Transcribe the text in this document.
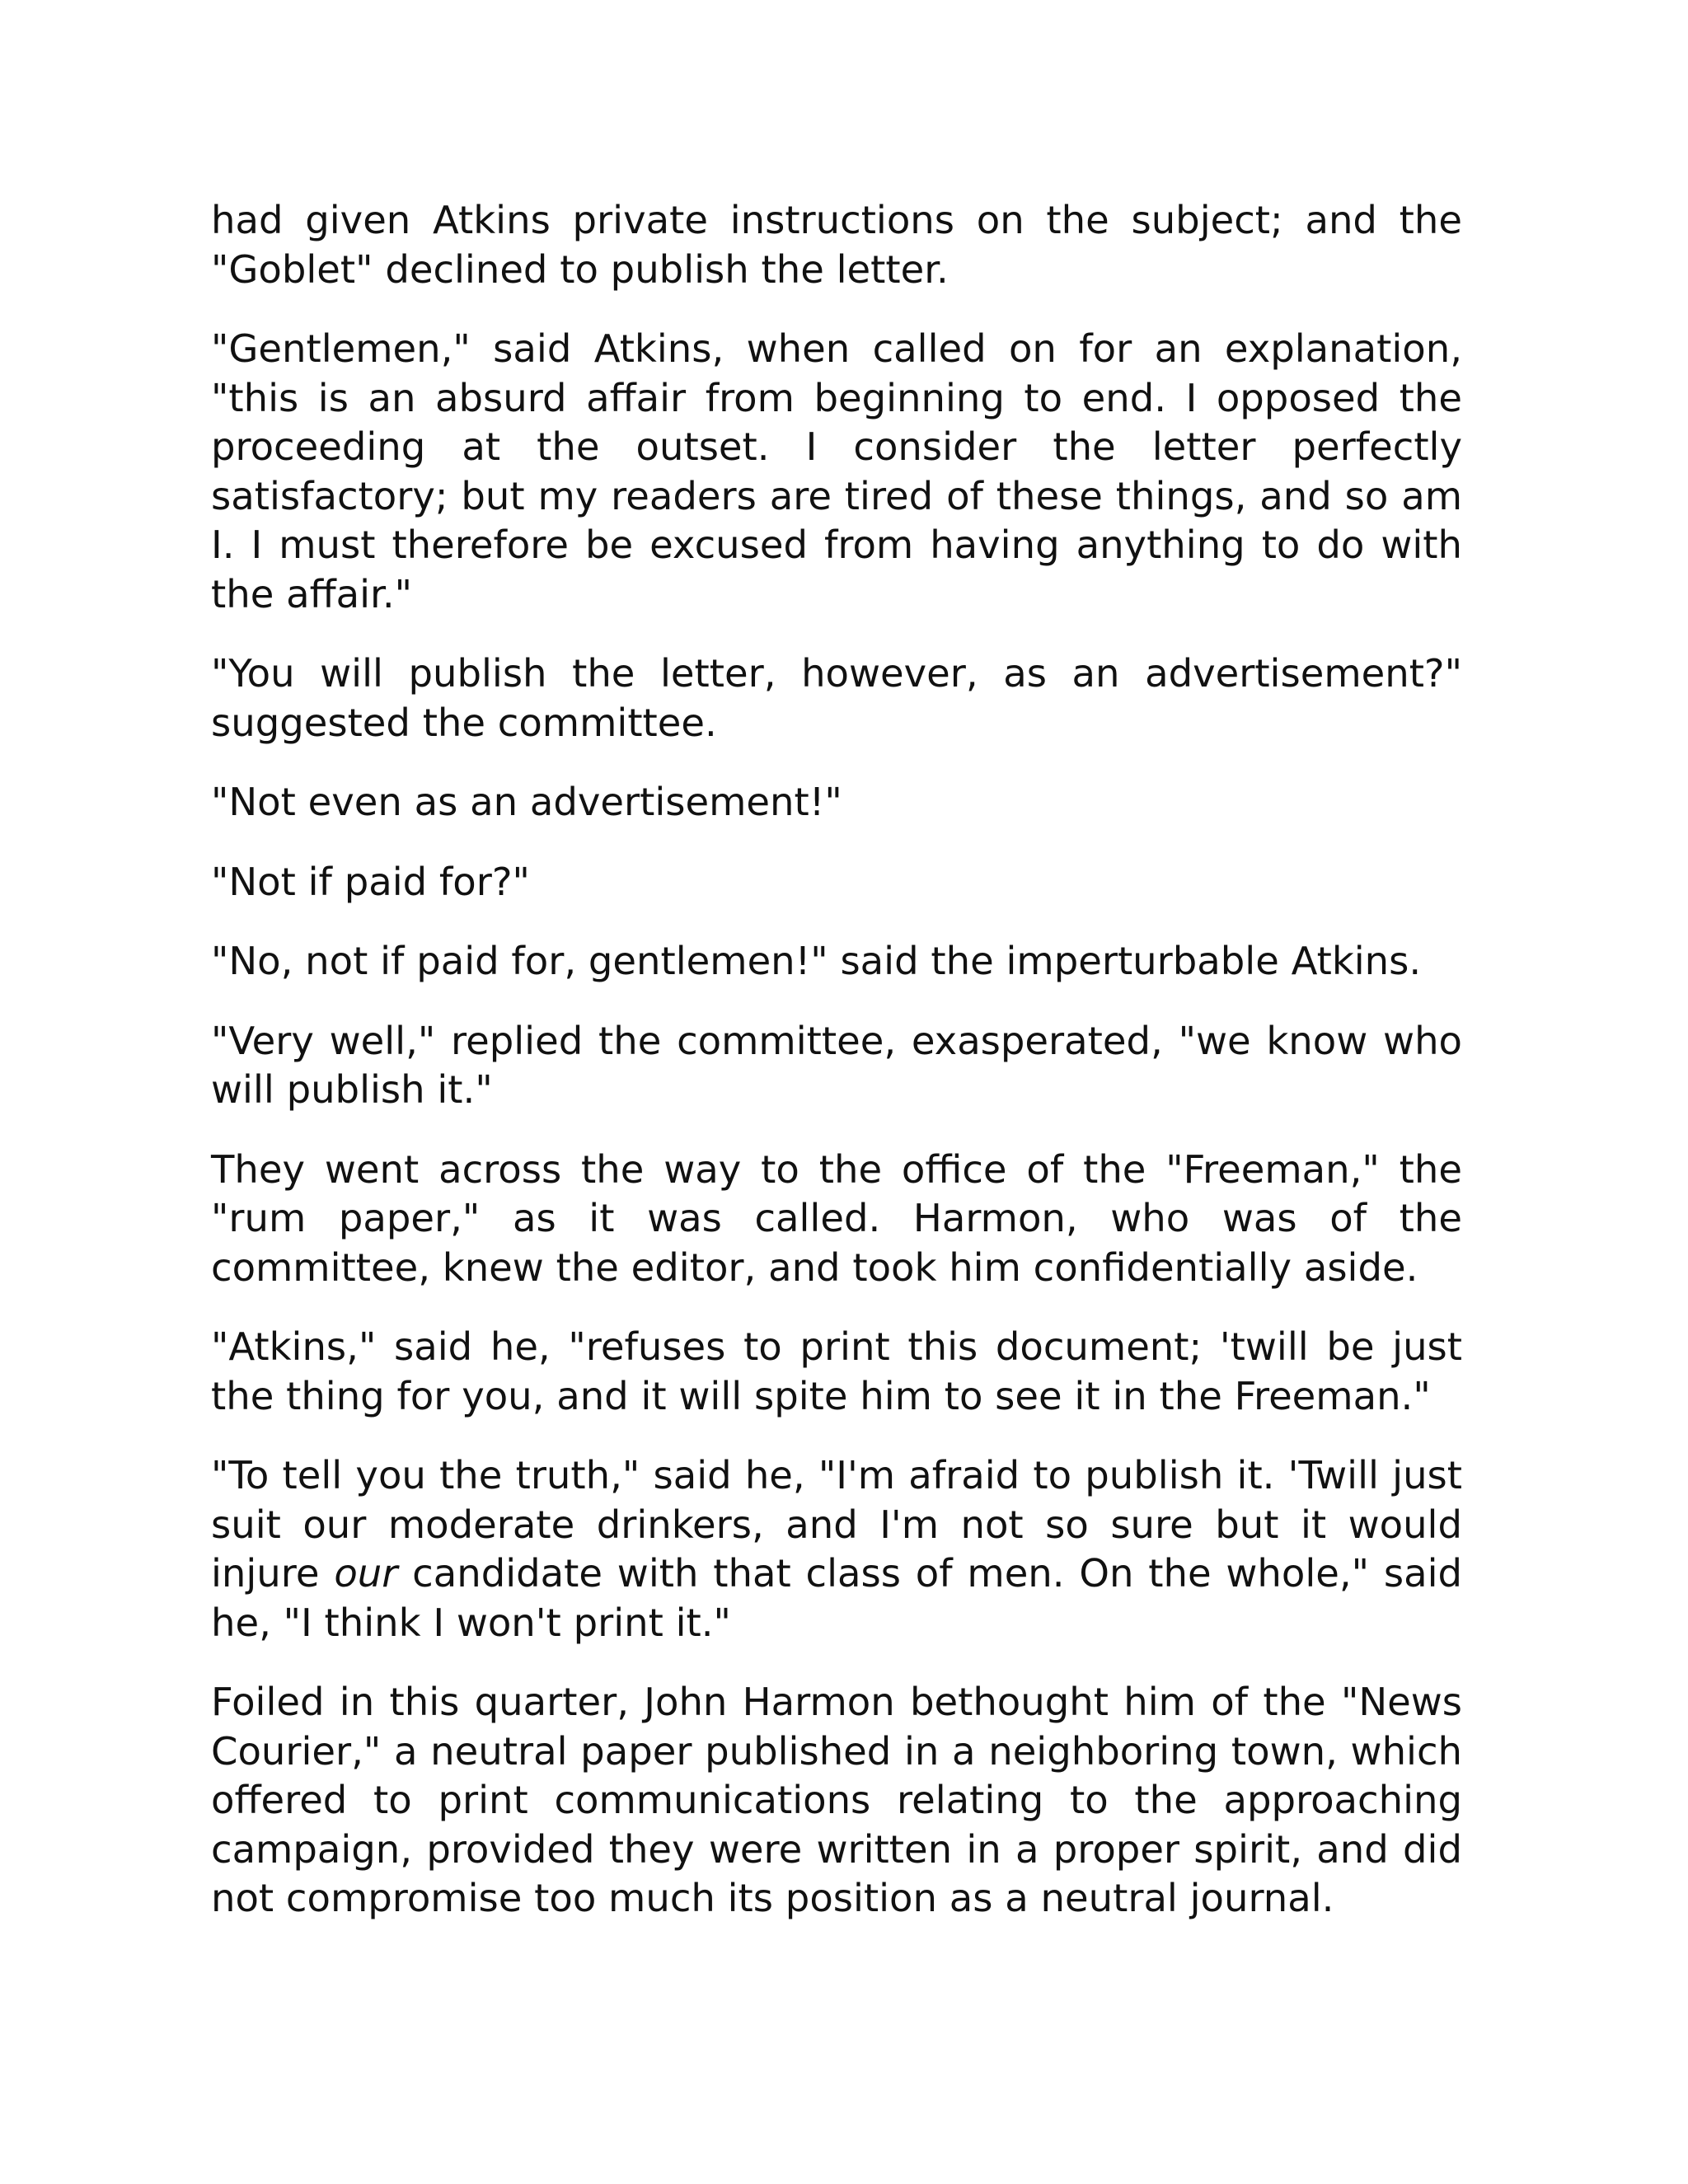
had given Atkins private instructions on the subject; and the "Goblet" declined to publish the letter.

"Gentlemen," said Atkins, when called on for an explanation, "this is an absurd affair from beginning to end. I opposed the proceeding at the outset. I consider the letter perfectly satisfactory; but my readers are tired of these things, and so am I. I must therefore be excused from having anything to do with the affair."

"You will publish the letter, however, as an advertisement?" suggested the committee.

"Not even as an advertisement!"

"Not if paid for?"

"No, not if paid for, gentlemen!" said the imperturbable Atkins.

"Very well," replied the committee, exasperated, "we know who will publish it."

They went across the way to the office of the "Freeman," the "rum paper," as it was called. Harmon, who was of the committee, knew the editor, and took him confidentially aside.

"Atkins," said he, "refuses to print this document; 'twill be just the thing for you, and it will spite him to see it in the Freeman."

"To tell you the truth," said he, "I'm afraid to publish it. 'Twill just suit our moderate drinkers, and I'm not so sure but it would injure our candidate with that class of men. On the whole," said he, "I think I won't print it."

Foiled in this quarter, John Harmon bethought him of the "News Courier," a neutral paper published in a neighboring town, which offered to print communications relating to the approaching campaign, provided they were written in a proper spirit, and did not compromise too much its position as a neutral journal.
